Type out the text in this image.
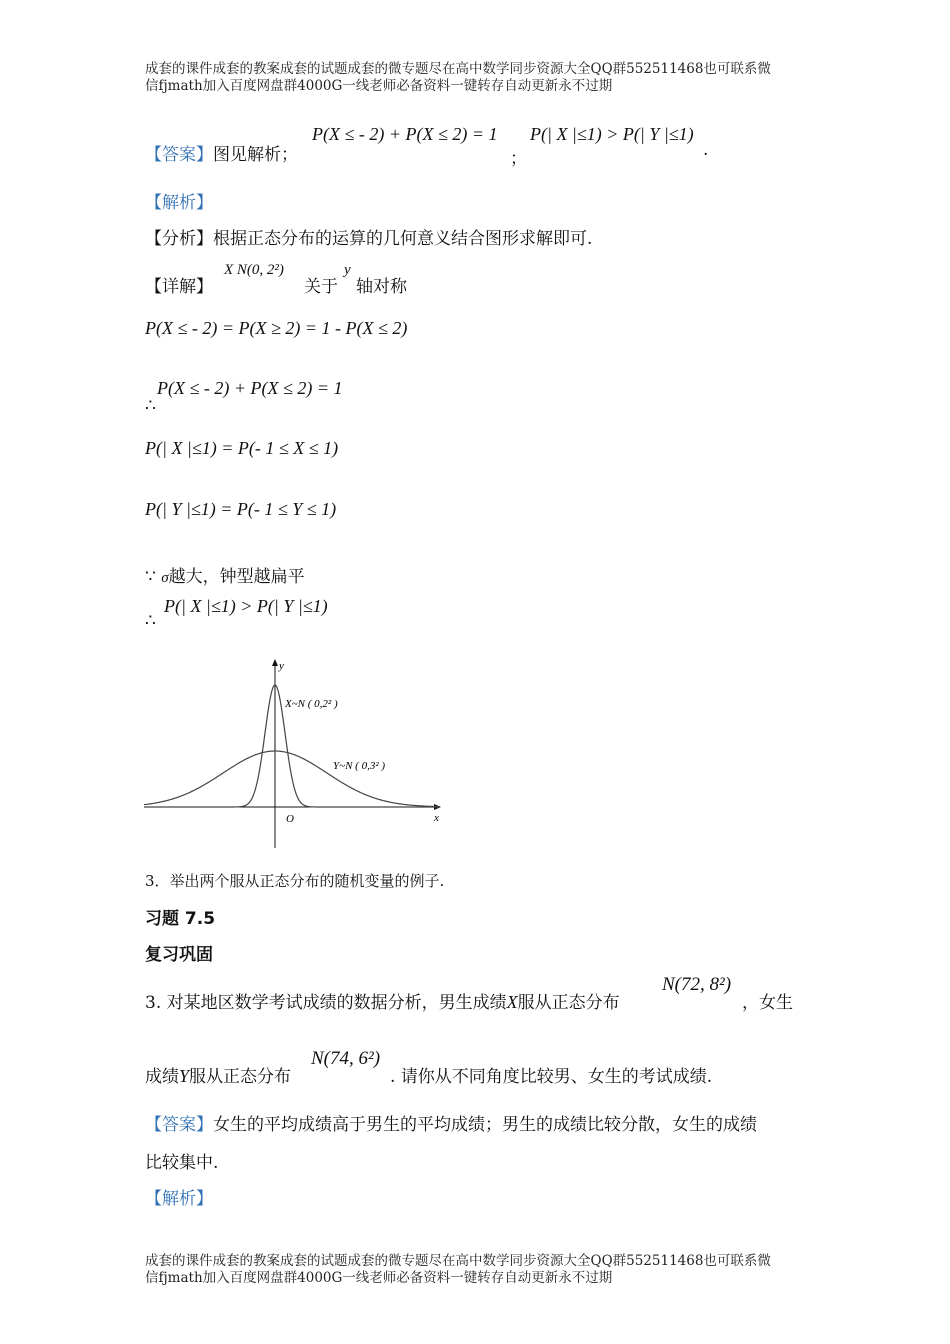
成套的课件成套的教案成套的试题成套的微专题尽在高中数学同步资源大全QQ群552511468也可联系微
信fjmath加入百度网盘群4000G一线老师必备资料一键转存自动更新永不过期
【答案】图见解析；
P(X ≤ - 2) + P(X ≤ 2) = 1
；
P(| X |≤1) > P(| Y |≤1)
.
【解析】
【分析】根据正态分布的运算的几何意义结合图形求解即可.
【详解】
X N(0, 2²)
关于
y
轴对称
P(X ≤ - 2) = P(X ≥ 2) = 1 - P(X ≤ 2)
P(X ≤ - 2) + P(X ≤ 2) = 1
∴
P(| X |≤1) = P(- 1 ≤ X ≤ 1)
P(| Y |≤1) = P(- 1 ≤ Y ≤ 1)
∵ σ越大，钟型越扁平
P(| X |≤1) > P(| Y |≤1)
∴
y
x
O
X~N ( 0,2² )
Y~N ( 0,3² )
3．举出两个服从正态分布的随机变量的例子.
习题 7.5
复习巩固
3. 对某地区数学考试成绩的数据分析，男生成绩X服从正态分布
N(72, 8²)
，女生
成绩Y服从正态分布
N(74, 6²)
. 请你从不同角度比较男、女生的考试成绩.
【答案】女生的平均成绩高于男生的平均成绩；男生的成绩比较分散，女生的成绩
比较集中.
【解析】
成套的课件成套的教案成套的试题成套的微专题尽在高中数学同步资源大全QQ群552511468也可联系微
信fjmath加入百度网盘群4000G一线老师必备资料一键转存自动更新永不过期
